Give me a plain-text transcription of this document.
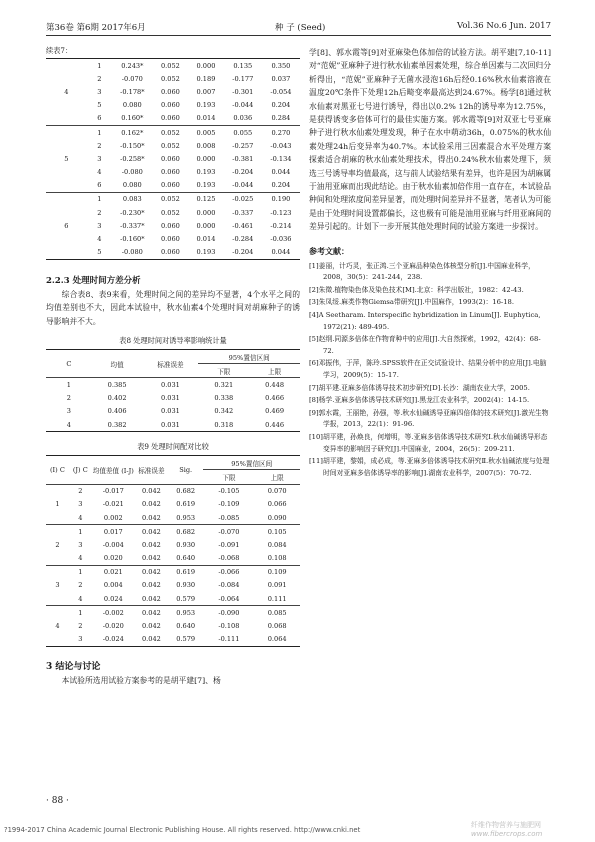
第36卷 第6期 2017年6月	种 子 (Seed)	Vol.36 No.6 Jun. 2017
续表7：
4	1	0.243*	0.052	0.000	0.135	0.350
	2	-0.070	0.052	0.189	-0.177	0.037
	3	-0.178*	0.060	0.007	-0.301	-0.054
	5	0.080	0.060	0.193	-0.044	0.204
	6	0.160*	0.060	0.014	0.036	0.284
5	1	0.162*	0.052	0.005	0.055	0.270
	2	-0.150*	0.052	0.008	-0.257	-0.043
	3	-0.258*	0.060	0.000	-0.381	-0.134
	4	-0.080	0.060	0.193	-0.204	0.044
	6	0.080	0.060	0.193	-0.044	0.204
6	1	0.083	0.052	0.125	-0.025	0.190
	2	-0.230*	0.052	0.000	-0.337	-0.123
	3	-0.337*	0.060	0.000	-0.461	-0.214
	4	-0.160*	0.060	0.014	-0.284	-0.036
	5	-0.080	0.060	0.193	-0.204	0.044
2.2.3 处理时间方差分析

综合表8、表9来看，处理时间之间的差异均不显著，4个水平之间的均值差别也不大，因此本试验中，秋水仙素4个处理时间对胡麻种子的诱导影响并不大。

表8 处理时间对诱导率影响统计量
C	均值	标准误差	95%置信区间	
			下限	上限
1	0.385	0.031	0.321	0.448
2	0.402	0.031	0.338	0.466
3	0.406	0.031	0.342	0.469
4	0.382	0.031	0.318	0.446
表9 处理时间配对比较
(I) C	(J) C	均值差值 (I-J)	标准误差	Sig.	95%置信区间	
					下限	上限
1	2	-0.017	0.042	0.682	-0.105	0.070
	3	-0.021	0.042	0.619	-0.109	0.066
	4	0.002	0.042	0.953	-0.085	0.090
2	1	0.017	0.042	0.682	-0.070	0.105
	3	-0.004	0.042	0.930	-0.091	0.084
	4	0.020	0.042	0.640	-0.068	0.108
3	1	0.021	0.042	0.619	-0.066	0.109
	2	0.004	0.042	0.930	-0.084	0.091
	4	0.024	0.042	0.579	-0.064	0.111
4	1	-0.002	0.042	0.953	-0.090	0.085
	2	-0.020	0.042	0.640	-0.108	0.068
	3	-0.024	0.042	0.579	-0.111	0.064
3 结论与讨论

本试验所选用试验方案参考的是胡平建[7]、杨

学[8]、郭水霞等[9]对亚麻染色体加倍的试验方法。胡平建[7,10-11]对“范妮”亚麻种子进行秋水仙素单因素处理，综合单因素与二次回归分析得出，“范妮”亚麻种子无菌水浸泡16h后经0.16%秋水仙素溶液在温度20℃条件下处理12h后畸变率最高达到24.67%。杨学[8]通过秋水仙素对黑亚七号进行诱导，得出以0.2% 12h的诱导率为12.75%，是获得诱变多倍体可行的最佳实施方案。郭水霞等[9]对双亚七号亚麻种子进行秋水仙素处理发现，种子在水中萌动36h，0.075%的秋水仙素处理24h后变异率为40.7%。本试验采用三因素混合水平处理方案探索适合胡麻的秋水仙素处理技术，得出0.24%秋水仙素处理下，须选三号诱导率均值最高，这与前人试验结果有差异，也许是因为胡麻属于油用亚麻而出现此结论。由于秋水仙素加倍作用一直存在，本试验品种间和处理浓度间差异显著，而处理时间差异并不显著，笔者认为可能是由于处理时间设置都偏长，这也极有可能是油用亚麻与纤用亚麻间的差异引起的。计划下一步开展其他处理时间的试验方案进一步探讨。
参考文献：

[1]姜丽，计巧灵，张正鸿.三个亚麻品种染色体核型分析[J].中国麻业科学，2008，30(5)：241-244，238.

[2]朱徵.植物染色体及染色技术[M].北京：科学出版社，1982：42-43.

[3]朱凤绥.麻类作物Giemsa带研究[J].中国麻作，1993(2)：16-18.

[4]A Seetharam. Interspecific hybridization in Linum[J]. Euphytica, 1972(21): 489-495.

[5]赵纲.同源多倍体在作物育种中的应用[J].大自然探索，1992，42(4)：68-72.

[6]邓振伟，于萍，陈玲.SPSS软件在正交试验设计、结果分析中的应用[J].电脑学习，2009(5)：15-17.

[7]胡平建.亚麻多倍体诱导技术初步研究[D].长沙：湖南农业大学，2005.

[8]杨学.亚麻多倍体诱导技术研究[J].黑龙江农业科学，2002(4)：14-15.

[9]郭水霞，王丽艳，孙强，等.秋水仙碱诱导亚麻四倍体的技术研究[J].激光生物学报，2013，22(1)：91-96.

[10]胡平建，孙焕良，何增明，等.亚麻多倍体诱导技术研究Ⅰ.秋水仙碱诱导形态变异率的影响因子研究[J].中国麻业，2004，26(5)：209-211.

[11]胡平建，黎娟，成必成，等.亚麻多倍体诱导技术研究Ⅱ.秋水仙碱浓度与处理时间对亚麻多倍体诱导率的影响[J].湖南农业科学，2007(5)：70-72.

· 88 ·
?1994-2017 China Academic Journal Electronic Publishing House. All rights reserved. http://www.cnki.net
纤维作物营养与施肥网
www.fibercrops.com
